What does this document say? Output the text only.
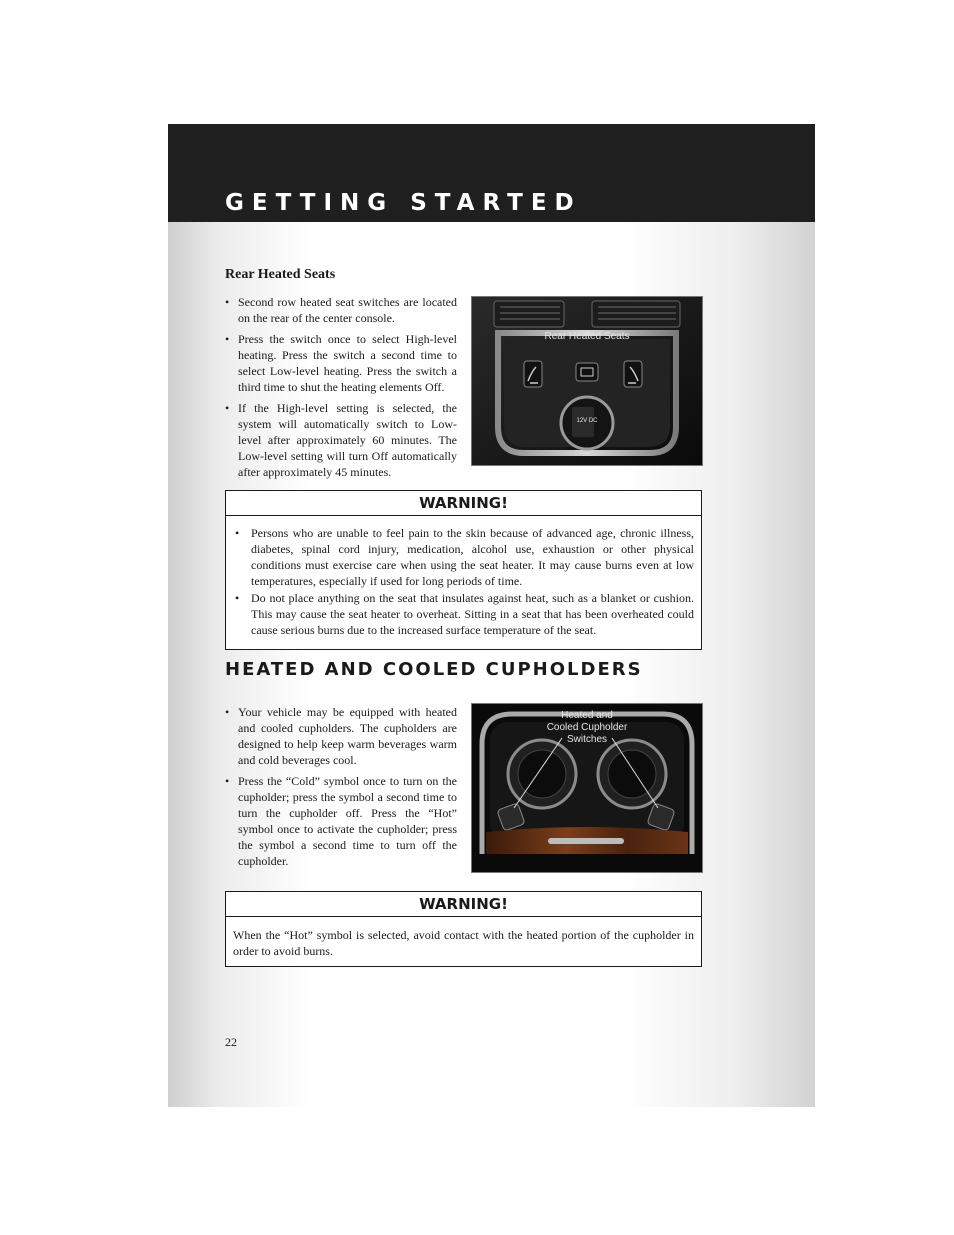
GETTING STARTED
Rear Heated Seats
• Second row heated seat switches are located on the rear of the center console.
• Press the switch once to select High-level heating. Press the switch a second time to select Low-level heating. Press the switch a third time to shut the heating elements Off.
• If the High-level setting is selected, the system will automatically switch to Low-level after approximately 60 minutes. The Low-level setting will turn Off automatically after approximately 45 minutes.
Rear Heated Seats
12V DC
WARNING!
• Persons who are unable to feel pain to the skin because of advanced age, chronic illness, diabetes, spinal cord injury, medication, alcohol use, exhaustion or other physical conditions must exercise care when using the seat heater. It may cause burns even at low temperatures, especially if used for long periods of time.
• Do not place anything on the seat that insulates against heat, such as a blanket or cushion. This may cause the seat heater to overheat. Sitting in a seat that has been overheated could cause serious burns due to the increased surface temperature of the seat.
HEATED AND COOLED CUPHOLDERS
• Your vehicle may be equipped with heated and cooled cupholders. The cupholders are designed to help keep warm beverages warm and cold beverages cool.
• Press the “Cold” symbol once to turn on the cupholder; press the symbol a second time to turn the cupholder off. Press the “Hot” symbol once to activate the cupholder; press the symbol a second time to turn off the cupholder.
Heated and
Cooled Cupholder
Switches
WARNING!

When the “Hot” symbol is selected, avoid contact with the heated portion of the cupholder in order to avoid burns.

22
